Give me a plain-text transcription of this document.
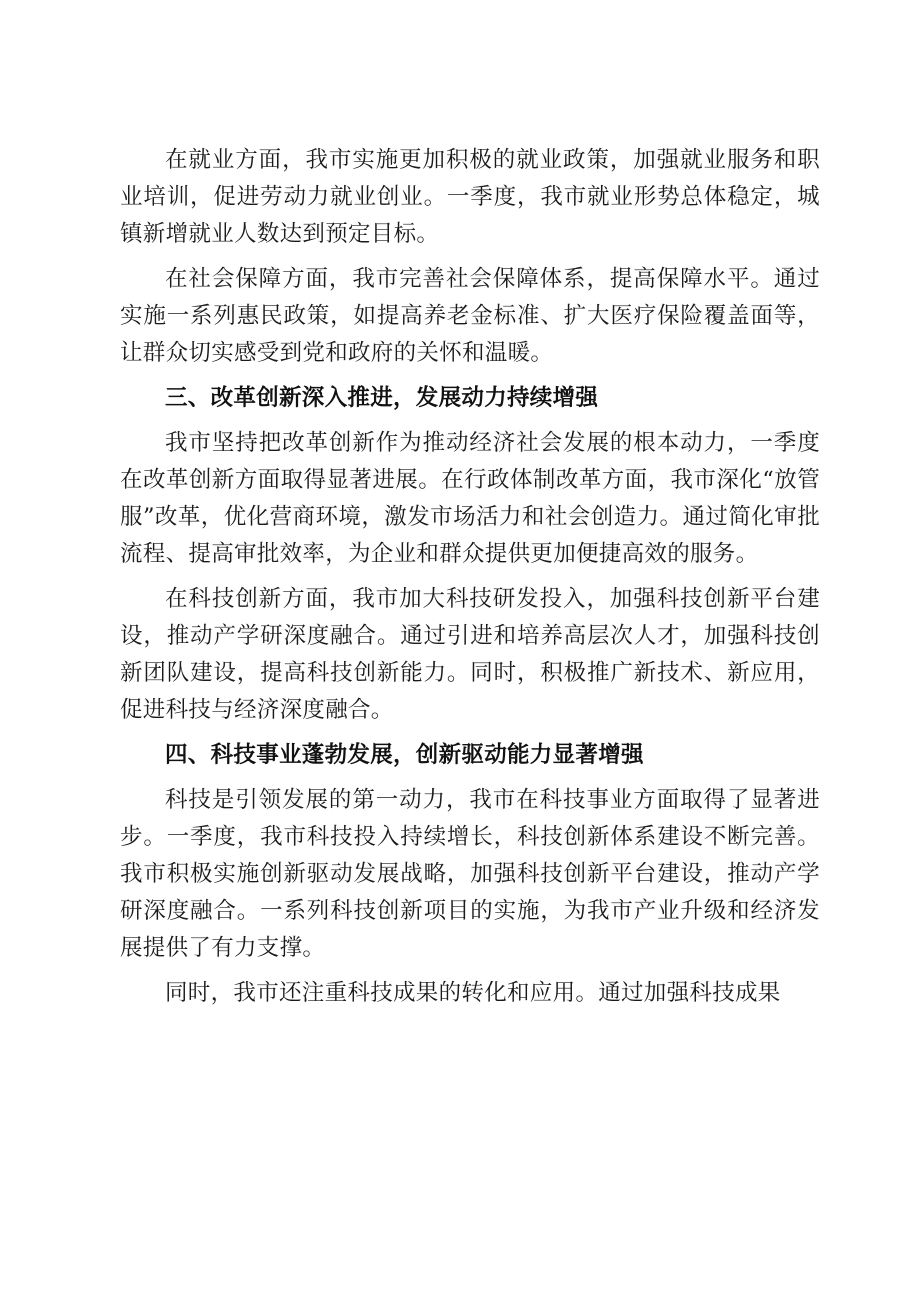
在就业方面，我市实施更加积极的就业政策，加强就业服务和职业培训，促进劳动力就业创业。一季度，我市就业形势总体稳定，城镇新增就业人数达到预定目标。

在社会保障方面，我市完善社会保障体系，提高保障水平。通过实施一系列惠民政策，如提高养老金标准、扩大医疗保险覆盖面等，让群众切实感受到党和政府的关怀和温暖。

三、改革创新深入推进，发展动力持续增强

我市坚持把改革创新作为推动经济社会发展的根本动力，一季度在改革创新方面取得显著进展。在行政体制改革方面，我市深化“放管服”改革，优化营商环境，激发市场活力和社会创造力。通过简化审批流程、提高审批效率，为企业和群众提供更加便捷高效的服务。

在科技创新方面，我市加大科技研发投入，加强科技创新平台建设，推动产学研深度融合。通过引进和培养高层次人才，加强科技创新团队建设，提高科技创新能力。同时，积极推广新技术、新应用，促进科技与经济深度融合。

四、科技事业蓬勃发展，创新驱动能力显著增强

科技是引领发展的第一动力，我市在科技事业方面取得了显著进步。一季度，我市科技投入持续增长，科技创新体系建设不断完善。我市积极实施创新驱动发展战略，加强科技创新平台建设，推动产学研深度融合。一系列科技创新项目的实施，为我市产业升级和经济发展提供了有力支撑。

同时，我市还注重科技成果的转化和应用。通过加强科技成果
